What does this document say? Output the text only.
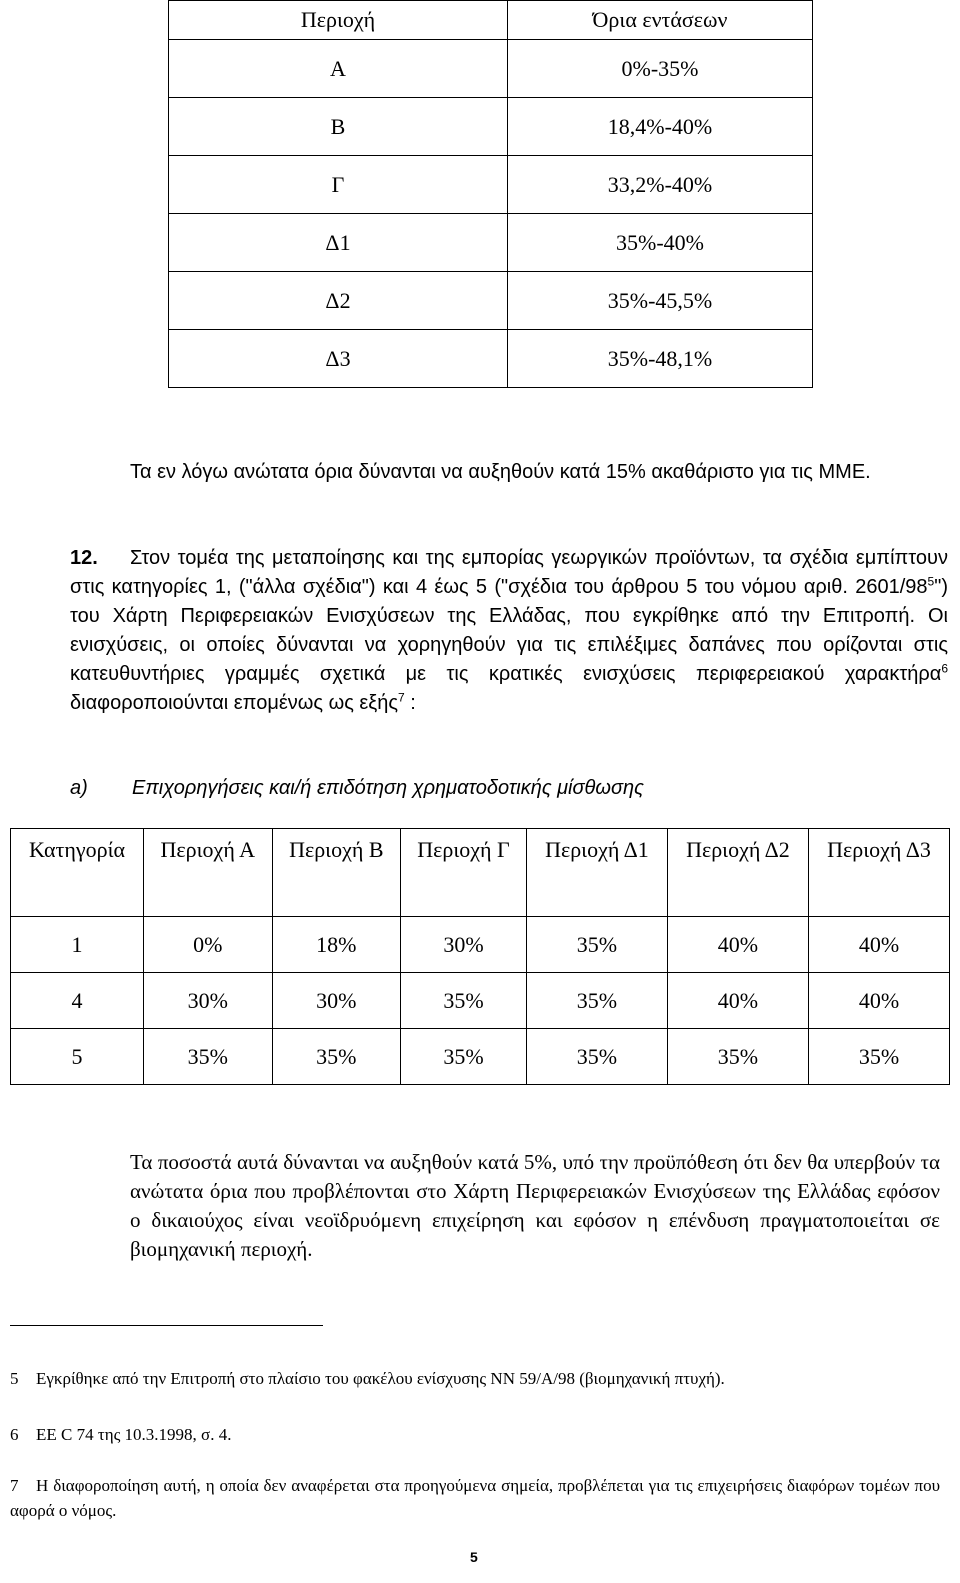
Περιοχή	Όρια εντάσεων
Α	0%-35%
Β	18,4%-40%
Γ	33,2%-40%
Δ1	35%-40%
Δ2	35%-45,5%
Δ3	35%-48,1%
Τα εν λόγω ανώτατα όρια δύνανται να αυξηθούν κατά 15% ακαθάριστο για τις ΜΜΕ.
12. Στον τομέα της μεταποίησης και της εμπορίας γεωργικών προϊόντων, τα σχέδια εμπίπτουν στις κατηγορίες 1, ("άλλα σχέδια") και 4 έως 5 ("σχέδια του άρθρου 5 του νόμου αριθ. $2601/98^5$") του Χάρτη Περιφερειακών Ενισχύσεων της Ελλάδας, που εγκρίθηκε από την Επιτροπή. Οι ενισχύσεις, οι οποίες δύνανται να χορηγηθούν για τις επιλέξιμες δαπάνες που ορίζονται στις κατευθυντήριες γραμμές σχετικά με τις κρατικές ενισχύσεις περιφερειακού χαρακτήρα$^6$ διαφοροποιούνται επομένως ως εξής$^7$ :
a) Επιχορηγήσεις και/ή επιδότηση χρηματοδοτικής μίσθωσης
Κατηγορία	Περιοχή Α	Περιοχή Β	Περιοχή Γ	Περιοχή Δ1	Περιοχή Δ2	Περιοχή Δ3
1	0%	18%	30%	35%	40%	40%
4	30%	30%	35%	35%	40%	40%
5	35%	35%	35%	35%	35%	35%
Τα ποσοστά αυτά δύνανται να αυξηθούν κατά 5%, υπό την προϋπόθεση ότι δεν θα υπερβούν τα ανώτατα όρια που προβλέπονται στο Χάρτη Περιφερειακών Ενισχύσεων της Ελλάδας εφόσον ο δικαιούχος είναι νεοϊδρυόμενη επιχείρηση και εφόσον η επένδυση πραγματοποιείται σε βιομηχανική περιοχή.
5 Εγκρίθηκε από την Επιτροπή στο πλαίσιο του φακέλου ενίσχυσης ΝΝ 59/Α/98 (βιομηχανική πτυχή).
6 ΕΕ C 74 της 10.3.1998, σ. 4.
7 Η διαφοροποίηση αυτή, η οποία δεν αναφέρεται στα προηγούμενα σημεία, προβλέπεται για τις επιχειρήσεις διαφόρων τομέων που αφορά ο νόμος.
5
